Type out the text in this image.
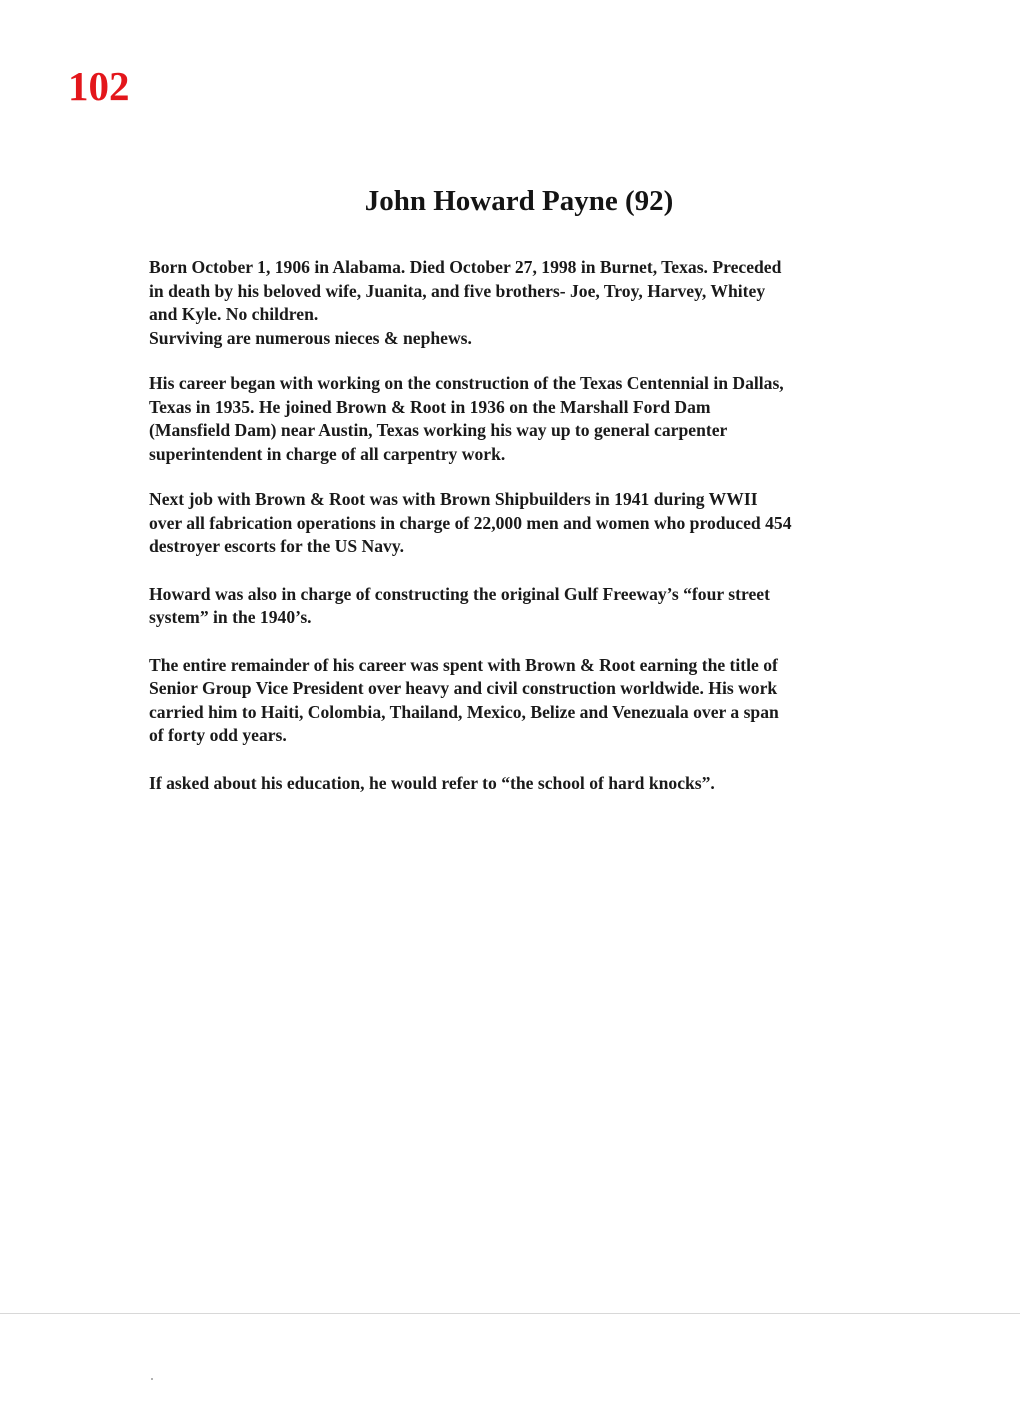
102
John Howard Payne (92)
Born October 1, 1906 in Alabama. Died October 27, 1998 in Burnet, Texas. Preceded
in death by his beloved wife, Juanita, and five brothers- Joe, Troy, Harvey, Whitey
and Kyle. No children.
Surviving are numerous nieces & nephews.
His career began with working on the construction of the Texas Centennial in Dallas,
Texas in 1935. He joined Brown & Root in 1936 on the Marshall Ford Dam
(Mansfield Dam) near Austin, Texas working his way up to general carpenter
superintendent in charge of all carpentry work.
Next job with Brown & Root was with Brown Shipbuilders in 1941 during WWII
over all fabrication operations in charge of 22,000 men and women who produced 454
destroyer escorts for the US Navy.
Howard was also in charge of constructing the original Gulf Freeway’s “four street
system” in the 1940’s.
The entire remainder of his career was spent with Brown & Root earning the title of
Senior Group Vice President over heavy and civil construction worldwide. His work
carried him to Haiti, Colombia, Thailand, Mexico, Belize and Venezuala over a span
of forty odd years.
If asked about his education, he would refer to “the school of hard knocks”.
